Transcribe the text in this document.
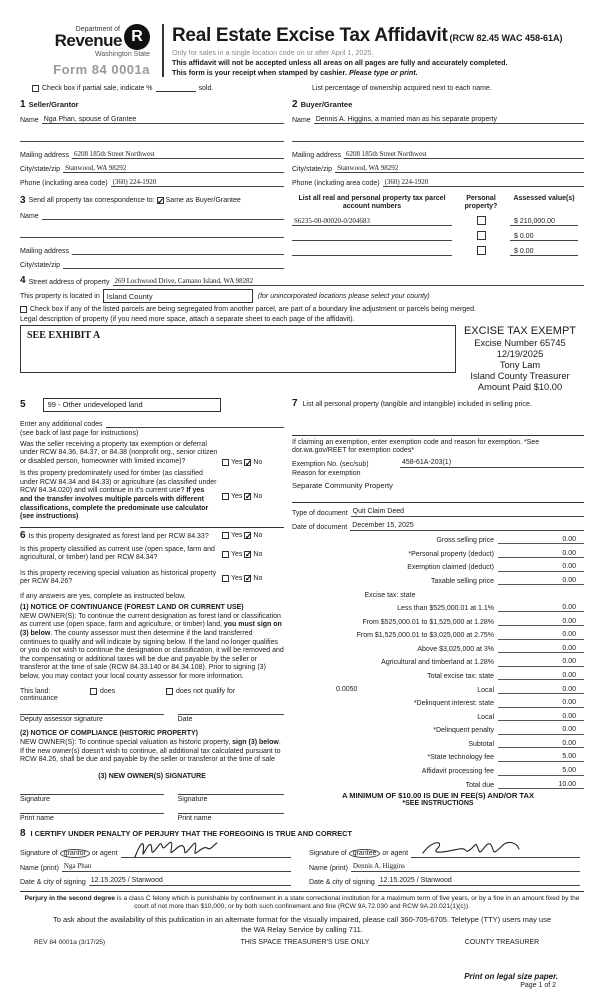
Department of
Revenue R
Washington State
Form 84 0001a
Real Estate Excise Tax Affidavit (RCW 82.45 WAC 458-61A)
Only for sales in a single location code on or after April 1, 2025.
This affidavit will not be accepted unless all areas on all pages are fully and accurately completed.
This form is your receipt when stamped by cashier. Please type or print.
Check box if partial sale, indicate %	sold.	List percentage of ownership acquired next to each name.
1 Seller/Grantor
Name Nga Phan, spouse of Grantee
Mailing address 6208 185th Street Northwest
City/state/zip Stanwood, WA 98292
Phone (including area code) (360) 224-1920
2 Buyer/Grantee
Name Dennis A. Higgins, a married man as his separate property
Mailing address 6208 185th Street Northwest
City/state/zip Stanwood, WA 98292
Phone (including area code) (360) 224-1920
3 Send all property tax correspondence to: ✓ Same as Buyer/Grantee
Name
Mailing address
City/state/zip
List all real and personal property tax parcel account numbers
Personal property?
Assessed value(s)
S6235-00-00020-0/204683	$ 210,000.00
$ 0.00
$ 0.00
4 Street address of property 269 Lochwood Drive, Camano Island, WA 98282
This property is located in Island County	(for unincorporated locations please select your county)
Check box if any of the listed parcels are being segregated from another parcel, are part of a boundary line adjustment or parcels being merged.
Legal description of property (if you need more space, attach a separate sheet to each page of the affidavit).
SEE EXHIBIT A	EXCISE TAX EXEMPT
Excise Number 65745
12/19/2025
Tony Lam
Island County Treasurer
Amount Paid $10.00
5	99 - Other undeveloped land
Enter any additional codes
(see back of last page for instructions)
Was the seller receiving a property tax exemption or deferral under RCW 84.36, 84.37, or 84.38 (nonprofit org., senior citizen or disabled person, homeowner with limited income)?	Yes ✓ No
Is this property predominately used for timber (as classified under RCW 84.34 and 84.33) or agriculture (as classified under RCW 84.34.020) and will continue in it's current use? If yes and the transfer involves multiple parcels with different classifications, complete the predominate use calculator (see instructions)
Yes ✓ No
6 Is this property designated as forest land per RCW 84.33?	Yes ✓ No
Is this property classified as current use (open space, farm and agricultural, or timber) land per RCW 84.34?	Yes ✓ No
Is this property receiving special valuation as historical property per RCW 84.26?	Yes ✓ No
If any answers are yes, complete as instructed below.
(1) NOTICE OF CONTINUANCE (FOREST LAND OR CURRENT USE)
NEW OWNER(S): To continue the current designation as forest land or classification as current use (open space, farm and agriculture, or timber) land, you must sign on (3) below. The county assessor must then determine if the land transferred continues to qualify and will indicate by signing below. If the land no longer qualifies or you do not wish to continue the designation or classification, it will be removed and the compensating or additional taxes will be due and payable by the seller or transferor at the time of sale (RCW 84.33.140 or 84.34.108). Prior to signing (3) below, you may contact your local county assessor for more information.
This land:	does	does not qualify for
continuance
Deputy assessor signature	Date
(2) NOTICE OF COMPLIANCE (HISTORIC PROPERTY)
NEW OWNER(S): To continue special valuation as historic property, sign (3) below. If the new owner(s) doesn't wish to continue, all additional tax calculated pursuant to RCW 84.26, shall be due and payable by the seller or transferor at the time of sale
(3) NEW OWNER(S) SIGNATURE
Signature	Signature
Print name	Print name
7 List all personal property (tangible and intangible) included in selling price.
If claiming an exemption, enter exemption code and reason for exemption. *See dor.wa.gov/REET for exemption codes*
Exemption No. (sec/sub)	458-61A-203(1)
Reason for exemption
Separate Community Property
Type of document Quit Claim Deed
Date of document December 15, 2025
Gross selling price	0.00
*Personal property (deduct)	0.00
Exemption claimed (deduct)	0.00
Taxable selling price	0.00
Excise tax: state
Less than $525,000.01 at 1.1%	0.00
From $525,000.01 to $1,525,000 at 1.28%	0.00
From $1,525,000.01 to $3,025,000 at 2.75%	0.00
Above $3,025,000 at 3%	0.00
Agricultural and timberland at 1.28%	0.00
Total excise tax: state	0.00
0.0050	Local	0.00
*Delinquent interest: state	0.00
Local	0.00
*Delinquent penalty	0.00
Subtotal	0.00
*State technology fee	5.00
Affidavit processing fee	5.00
Total due	10.00
A MINIMUM OF $10.00 IS DUE IN FEE(S) AND/OR TAX
*SEE INSTRUCTIONS
8 I CERTIFY UNDER PENALTY OF PERJURY THAT THE FOREGOING IS TRUE AND CORRECT
Signature of grantor or agent
Name (print) Nga Phan
Date & city of signing 12.15.2025 / Stanwood
Signature of grantee or agent
Name (print) Dennis A. Higgins
Date & city of signing 12.15.2025 / Stanwood
Perjury in the second degree is a class C felony which is punishable by confinement in a state correctional institution for a maximum term of five years, or by a fine in an amount fixed by the court of not more than $10,000, or by both such confinement and fine (RCW 9A.72.030 and RCW 9A.20.021(1)(c)).
To ask about the availability of this publication in an alternate format for the visually impaired, please call 360-705-6705. Teletype (TTY) users may use the WA Relay Service by calling 711.
REV 84 0001a (3/17/25)	THIS SPACE TREASURER'S USE ONLY	COUNTY TREASURER
Print on legal size paper.
Page 1 of 2
